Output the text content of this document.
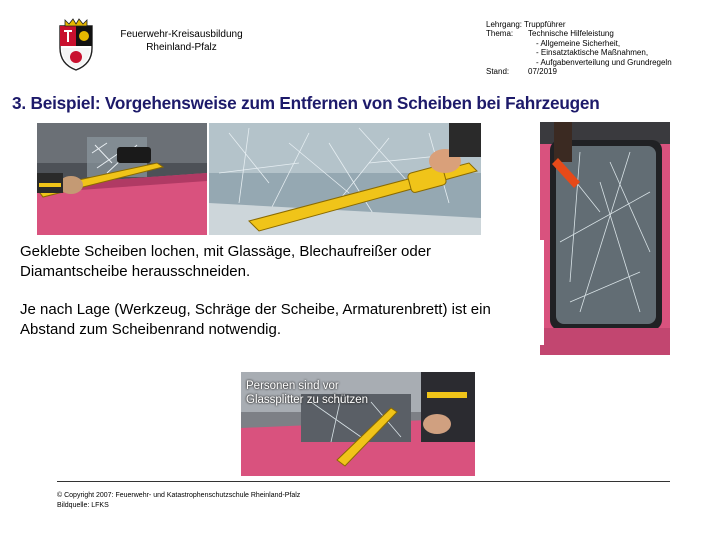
Feuerwehr-Kreisausbildung
Rheinland-Pfalz
Lehrgang: Truppführer
Thema:	Technische Hilfeleistung
- Allgemeine Sicherheit,
- Einsatztaktische Maßnahmen,
- Aufgabenverteilung und Grundregeln
Stand:	07/2019
3. Beispiel: Vorgehensweise zum Entfernen von Scheiben bei Fahrzeugen
Personen sind vor
Glassplitter zu schützen
Geklebte Scheiben lochen, mit Glassäge, Blechaufreißer oder Diamantscheibe herausschneiden.
Je nach Lage (Werkzeug, Schräge der Scheibe, Armaturenbrett) ist ein Abstand zum Scheibenrand notwendig.
© Copyright 2007: Feuerwehr- und Katastrophenschutzschule Rheinland-Pfalz
Bildquelle: LFKS
